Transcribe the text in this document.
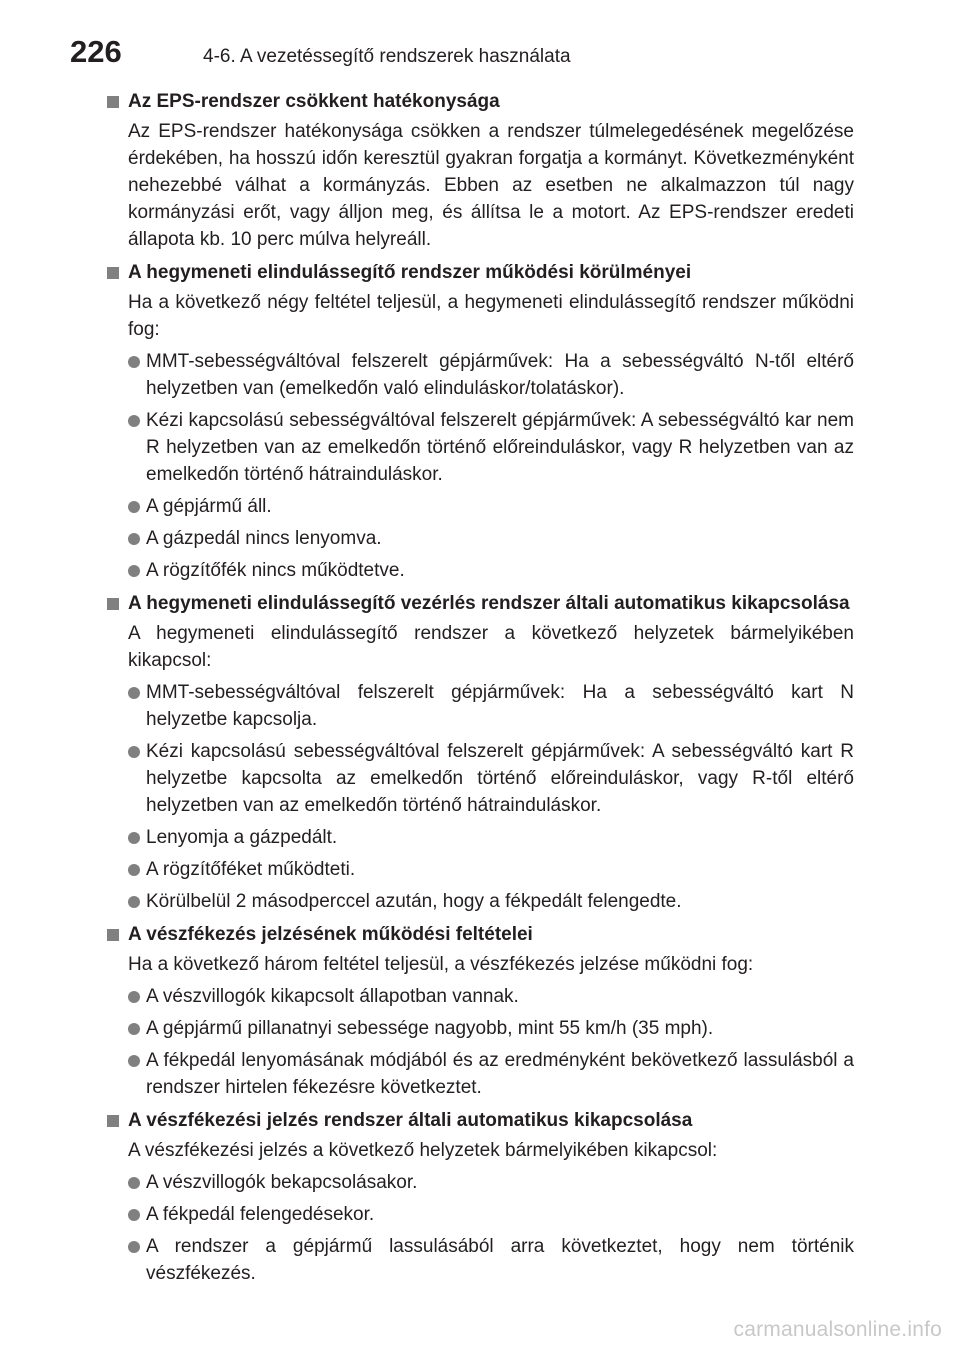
226	4-6. A vezetéssegítő rendszerek használata
Az EPS-rendszer csökkent hatékonysága
Az EPS-rendszer hatékonysága csökken a rendszer túlmelegedésének megelőzése érdekében, ha hosszú időn keresztül gyakran forgatja a kormányt. Következményként nehezebbé válhat a kormányzás. Ebben az esetben ne alkalmazzon túl nagy kormányzási erőt, vagy álljon meg, és állítsa le a motort. Az EPS-rendszer eredeti állapota kb. 10 perc múlva helyreáll.
A hegymeneti elindulássegítő rendszer működési körülményei
Ha a következő négy feltétel teljesül, a hegymeneti elindulássegítő rendszer működni fog:
MMT-sebességváltóval felszerelt gépjárművek: Ha a sebességváltó N-től eltérő helyzetben van (emelkedőn való elinduláskor/tolatáskor).
Kézi kapcsolású sebességváltóval felszerelt gépjárművek: A sebességváltó kar nem R helyzetben van az emelkedőn történő előreinduláskor, vagy R helyzetben van az emelkedőn történő hátrainduláskor.
A gépjármű áll.
A gázpedál nincs lenyomva.
A rögzítőfék nincs működtetve.
A hegymeneti elindulássegítő vezérlés rendszer általi automatikus kikapcsolása
A hegymeneti elindulássegítő rendszer a következő helyzetek bármelyikében kikapcsol:
MMT-sebességváltóval felszerelt gépjárművek: Ha a sebességváltó kart N helyzetbe kapcsolja.
Kézi kapcsolású sebességváltóval felszerelt gépjárművek: A sebességváltó kart R helyzetbe kapcsolta az emelkedőn történő előreinduláskor, vagy R-től eltérő helyzetben van az emelkedőn történő hátrainduláskor.
Lenyomja a gázpedált.
A rögzítőféket működteti.
Körülbelül 2 másodperccel azután, hogy a fékpedált felengedte.
A vészfékezés jelzésének működési feltételei
Ha a következő három feltétel teljesül, a vészfékezés jelzése működni fog:
A vészvillogók kikapcsolt állapotban vannak.
A gépjármű pillanatnyi sebessége nagyobb, mint 55 km/h (35 mph).
A fékpedál lenyomásának módjából és az eredményként bekövetkező lassulásból a rendszer hirtelen fékezésre következtet.
A vészfékezési jelzés rendszer általi automatikus kikapcsolása
A vészfékezési jelzés a következő helyzetek bármelyikében kikapcsol:
A vészvillogók bekapcsolásakor.
A fékpedál felengedésekor.
A rendszer a gépjármű lassulásából arra következtet, hogy nem történik vészfékezés.
carmanualsonline.info
